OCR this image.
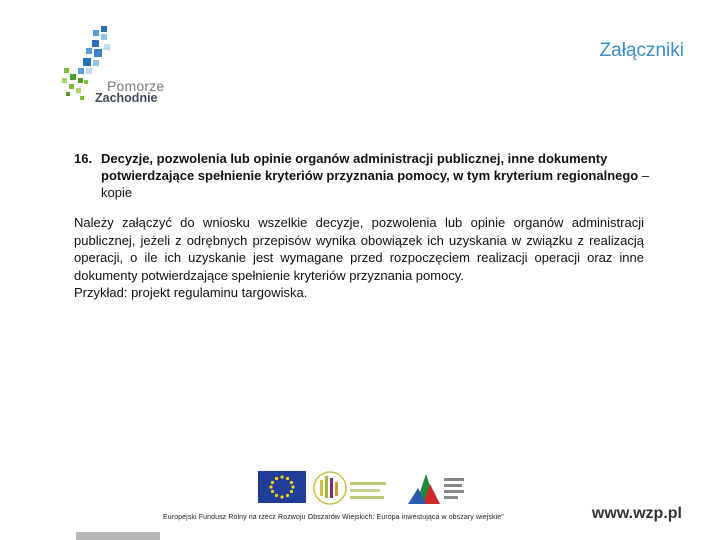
Pomorze
Zachodnie
Załączniki
16. Decyzje, pozwolenia lub opinie organów administracji publicznej, inne dokumenty potwierdzające spełnienie kryteriów przyznania pomocy, w tym kryterium regionalnego – kopie

Należy załączyć do wniosku wszelkie decyzje, pozwolenia lub opinie organów administracji publicznej, jeżeli z odrębnych przepisów wynika obowiązek ich uzyskania w związku z realizacją operacji, o ile ich uzyskanie jest wymagane przed rozpoczęciem realizacji operacji oraz inne dokumenty potwierdzające spełnienie kryteriów przyznania pomocy.

Przykład: projekt regulaminu targowiska.

Europejski Fundusz Rolny na rzecz Rozwoju Obszarów Wiejskich: Europa inwestująca w obszary wiejskie"	www.wzp.pl
